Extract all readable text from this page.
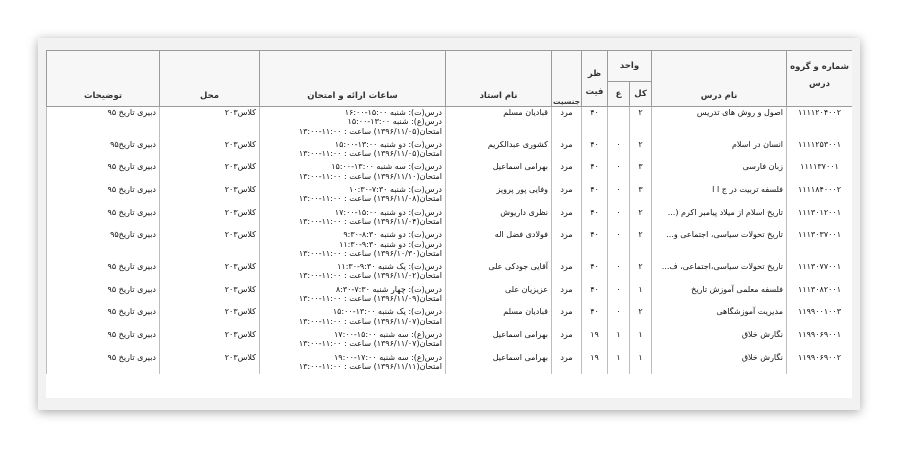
شماره و گروه درس	نام درس	واحد		ظر فیت	جنسیت	نام استاد	ساعات ارائه و امتحان	محل	توضیحات
		کل	ع						
۱۱۱۱۲۰۴۰۰۲	اصول و روش های تدریس	۲		۴۰	مرد	قبادیان مسلم	درس(ت): شنبه ۱۵:۰۰-۱۶:۰۰
درس(ع): شنبه ۱۳:۰۰-۱۵:۰۰
امتحان(۱۳۹۶/۱۱/۰۵) ساعت : ۱۱:۰۰-۱۳:۰۰	کلاس۲۰۳	دبیری تاریخ ۹۵
۱۱۱۱۲۵۳۰۰۱	انسان در اسلام	۲	۰	۴۰	مرد	کشوری عبدالکریم	درس(ت): دو شنبه ۱۳:۰۰-۱۵:۰۰
امتحان(۱۳۹۶/۱۱/۰۵) ساعت : ۱۱:۰۰-۱۳:۰۰	کلاس۲۰۳	دبیری تاریخ۹۵
۱۱۱۱۳۷۰۰۱	زبان فارسی	۳	۰	۴۰	مرد	بهرامی اسماعیل	درس(ت): سه شنبه ۱۳:۰۰-۱۵:۰۰
امتحان(۱۳۹۶/۱۱/۱۰) ساعت : ۱۱:۰۰-۱۳:۰۰	کلاس۲۰۳	دبیری تاریخ ۹۵
۱۱۱۱۸۴۰۰۰۲	فلسفه تربیت در ج ا ا	۳	۰	۴۰	مرد	وفایی پور پرویز	درس(ت): شنبه ۷:۳۰-۱۰:۳۰
امتحان(۱۳۹۶/۱۱/۰۸) ساعت : ۱۱:۰۰-۱۳:۰۰	کلاس۲۰۳	دبیری تاریخ ۹۵
۱۱۱۳۰۱۲۰۰۱	تاریخ اسلام از میلاد پیامبر اکرم (...	۲	۰	۴۰	مرد	نظری داریوش	درس(ت): دو شنبه ۱۵:۰۰-۱۷:۰۰
امتحان(۱۳۹۶/۱۱/۰۴) ساعت : ۱۱:۰۰-۱۳:۰۰	کلاس۲۰۳	دبیری تاریخ ۹۵
۱۱۱۳۰۳۷۰۰۱	تاریخ تحولات سیاسی، اجتماعی و...	۲	۰	۴۰	مرد	فولادی فضل اله	درس(ت): دو شنبه ۸:۳۰-۹:۳۰
درس(ت): دو شنبه ۹:۳۰-۱۱:۳۰
امتحان(۱۳۹۶/۱۰/۳۰) ساعت : ۱۱:۰۰-۱۳:۰۰	کلاس۲۰۳	دبیری تاریخ۹۵
۱۱۱۳۰۷۷۰۰۱	تاریخ تحولات سیاسی،اجتماعی، ف...	۲	۰	۴۰	مرد	آقایی جودکی علی	درس(ت): یک شنبه ۹:۳۰-۱۱:۳۰
امتحان(۱۳۹۶/۱۱/۰۲) ساعت : ۱۱:۰۰-۱۳:۰۰	کلاس۲۰۳	دبیری تاریخ ۹۵
۱۱۱۳۰۸۲۰۰۱	فلسفه معلمی آموزش تاریخ	۱	۰	۴۰	مرد	عزیزیان علی	درس(ت): چهار شنبه ۷:۳۰-۸:۳۰
امتحان(۱۳۹۶/۱۱/۰۹) ساعت : ۱۱:۰۰-۱۳:۰۰	کلاس۲۰۳	دبیری تاریخ ۹۵
۱۱۹۹۰۰۱۰۰۳	مدیریت آموزشگاهی	۲	۰	۴۰	مرد	قبادیان مسلم	درس(ت): یک شنبه ۱۳:۰۰-۱۵:۰۰
امتحان(۱۳۹۶/۱۱/۰۷) ساعت : ۱۱:۰۰-۱۳:۰۰	کلاس۲۰۳	دبیری تاریخ ۹۵
۱۱۹۹۰۶۹۰۰۱	نگارش خلاق	۱	۱	۱۹	مرد	بهرامی اسماعیل	درس(ع): سه شنبه ۱۵:۰۰-۱۷:۰۰
امتحان(۱۳۹۶/۱۱/۰۷) ساعت : ۱۱:۰۰-۱۳:۰۰	کلاس۲۰۳	دبیری تاریخ ۹۵
۱۱۹۹۰۶۹۰۰۲	نگارش خلاق	۱	۱	۱۹	مرد	بهرامی اسماعیل	درس(ع): سه شنبه ۱۷:۰۰-۱۹:۰۰
امتحان(۱۳۹۶/۱۱/۱۱) ساعت : ۱۱:۰۰-۱۳:۰۰	کلاس۲۰۳	دبیری تاریخ ۹۵
